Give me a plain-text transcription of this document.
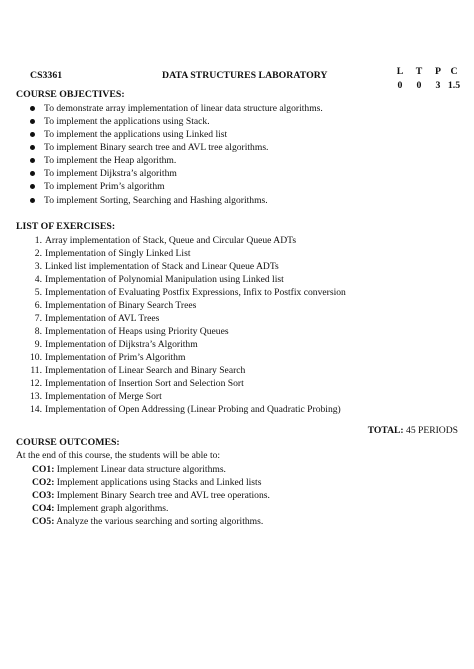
CS3361	DATA STRUCTURES LABORATORY	L	T	P C
0	0	3 1.5
COURSE OBJECTIVES:
To demonstrate array implementation of linear data structure algorithms.
To implement the applications using Stack.
To implement the applications using Linked list
To implement Binary search tree and AVL tree algorithms.
To implement the Heap algorithm.
To implement Dijkstra’s algorithm
To implement Prim’s algorithm
To implement Sorting, Searching and Hashing algorithms.
LIST OF EXERCISES:
1. Array implementation of Stack, Queue and Circular Queue ADTs
2. Implementation of Singly Linked List
3. Linked list implementation of Stack and Linear Queue ADTs
4. Implementation of Polynomial Manipulation using Linked list
5. Implementation of Evaluating Postfix Expressions, Infix to Postfix conversion
6. Implementation of Binary Search Trees
7. Implementation of AVL Trees
8. Implementation of Heaps using Priority Queues
9. Implementation of Dijkstra’s Algorithm
10. Implementation of Prim’s Algorithm
11. Implementation of Linear Search and Binary Search
12. Implementation of Insertion Sort and Selection Sort
13. Implementation of Merge Sort
14. Implementation of Open Addressing (Linear Probing and Quadratic Probing)
TOTAL: 45 PERIODS
COURSE OUTCOMES:
At the end of this course, the students will be able to:
CO1: Implement Linear data structure algorithms.
CO2: Implement applications using Stacks and Linked lists
CO3: Implement Binary Search tree and AVL tree operations.
CO4: Implement graph algorithms.
CO5: Analyze the various searching and sorting algorithms.
